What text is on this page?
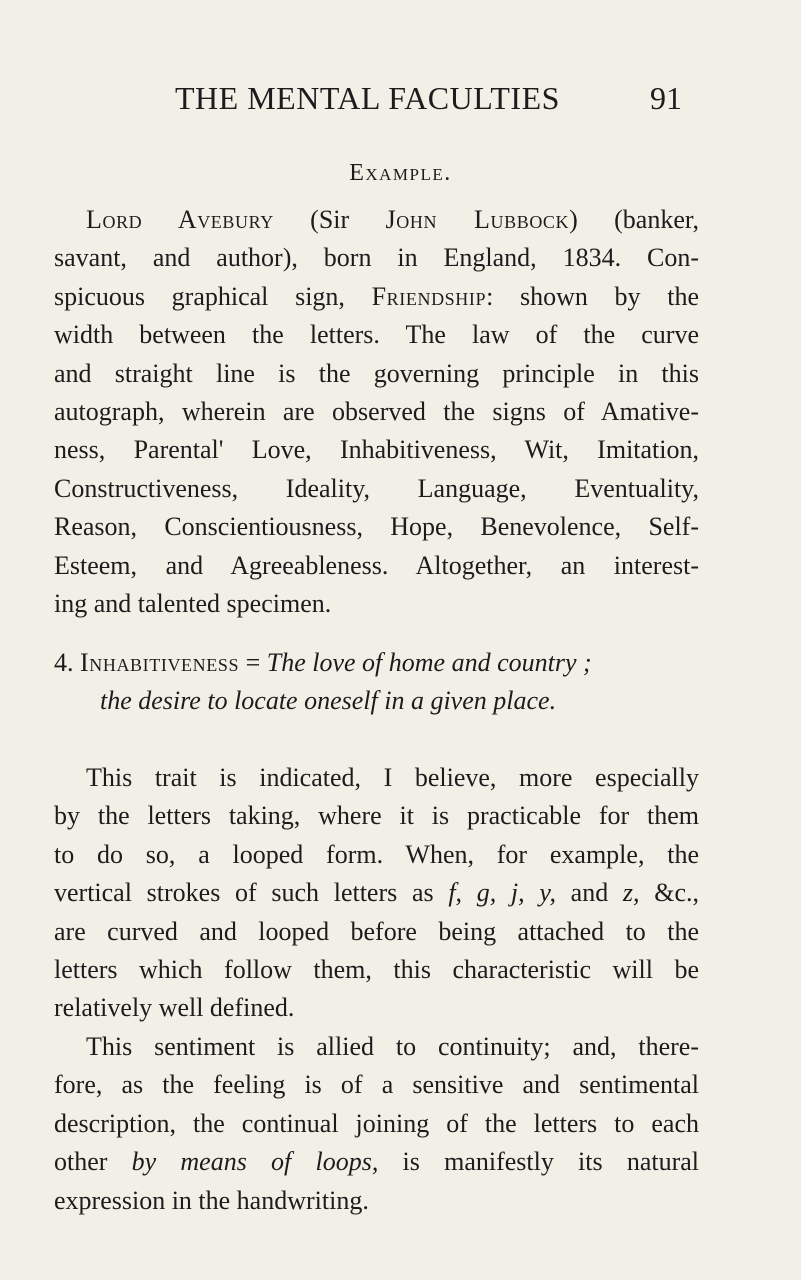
THE MENTAL FACULTIES	91
Example.
Lord Avebury (Sir John Lubbock) (banker,
savant, and author), born in England, 1834. Con-
spicuous graphical sign, Friendship: shown by the
width between the letters. The law of the curve
and straight line is the governing principle in this
autograph, wherein are observed the signs of Amative-
ness, Parental' Love, Inhabitiveness, Wit, Imitation,
Constructiveness, Ideality, Language, Eventuality,
Reason, Conscientiousness, Hope, Benevolence, Self-
Esteem, and Agreeableness. Altogether, an interest-
ing and talented specimen.
4. Inhabitiveness = The love of home and country ;
the desire to locate oneself in a given place.
This trait is indicated, I believe, more especially
by the letters taking, where it is practicable for them
to do so, a looped form. When, for example, the
vertical strokes of such letters as f, g, j, y, and z, &c.,
are curved and looped before being attached to the
letters which follow them, this characteristic will be
relatively well defined.
This sentiment is allied to continuity; and, there-
fore, as the feeling is of a sensitive and sentimental
description, the continual joining of the letters to each
other by means of loops, is manifestly its natural
expression in the handwriting.
